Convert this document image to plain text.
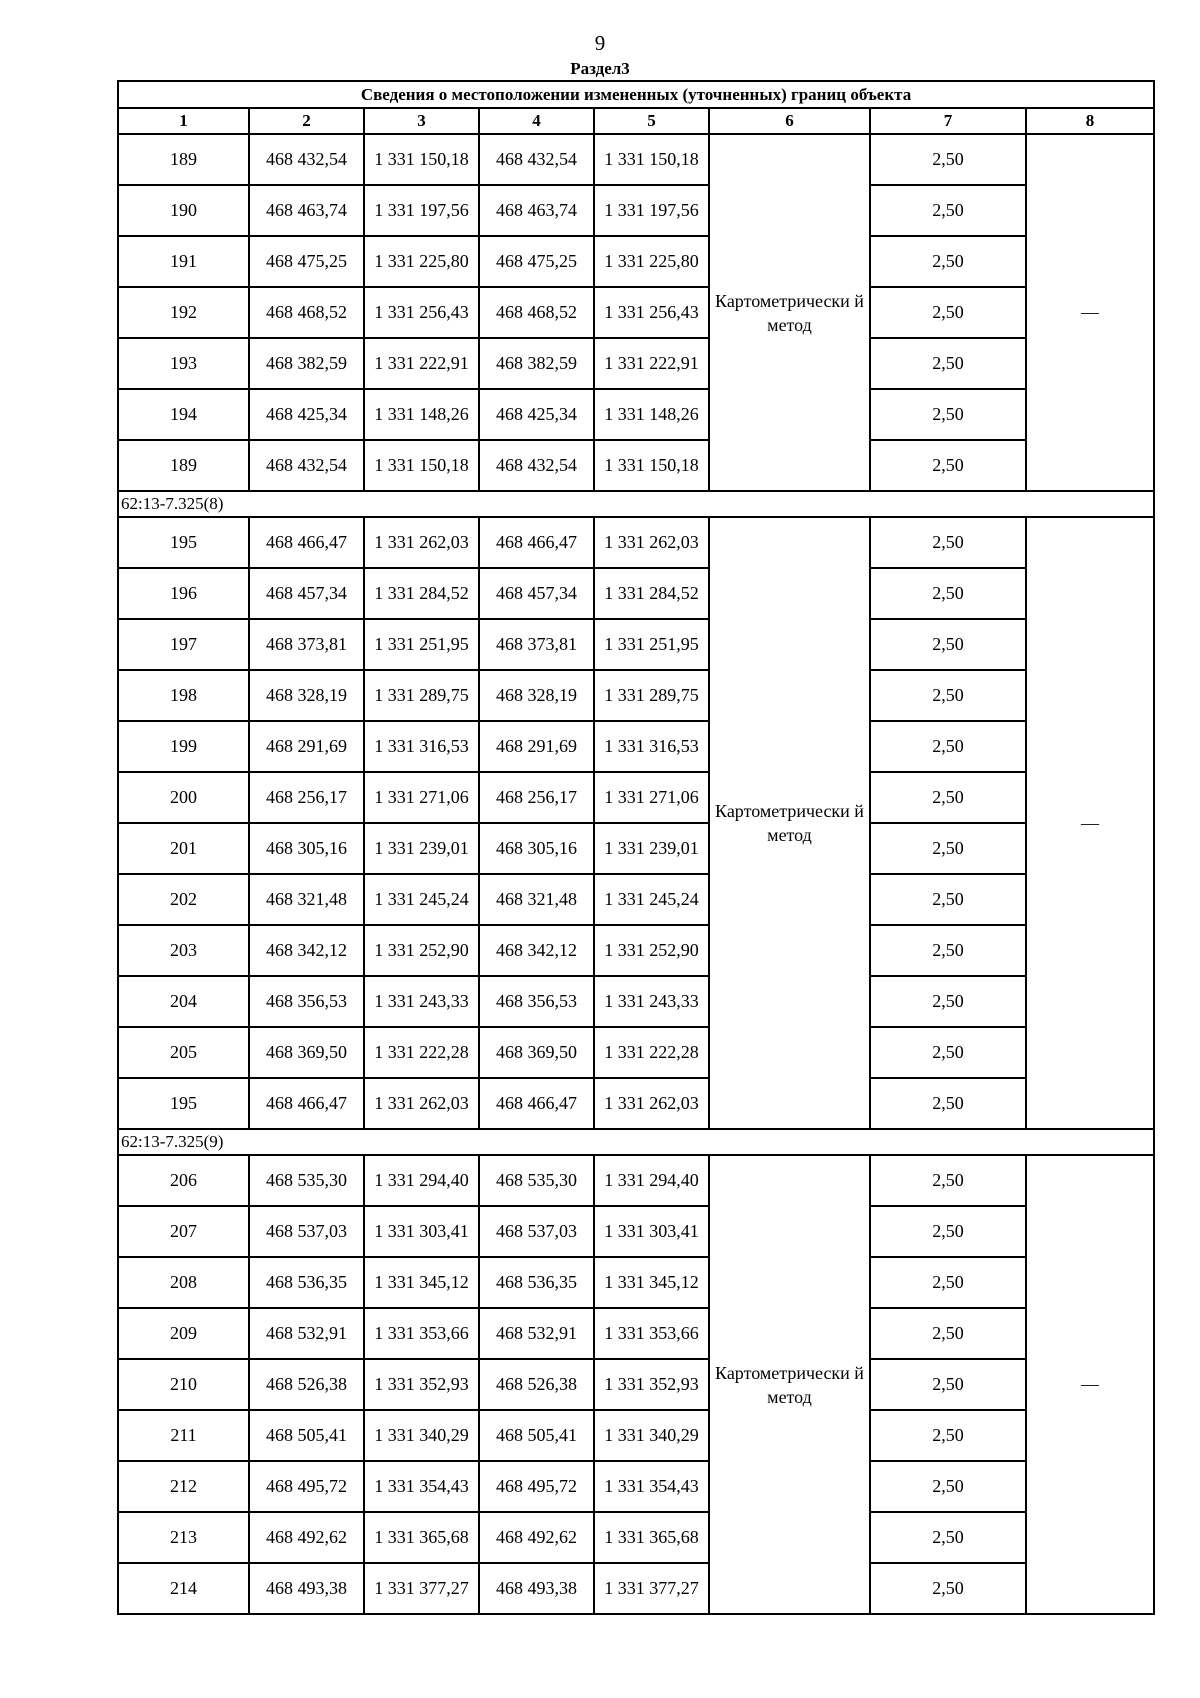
9
Раздел3
Сведения о местоположении измененных (уточненных) границ объекта							
1	2	3	4	5	6	7	8
189	468 432,54	1 331 150,18	468 432,54	1 331 150,18	Картометрически й метод	2,50	—
190	468 463,74	1 331 197,56	468 463,74	1 331 197,56		2,50	
191	468 475,25	1 331 225,80	468 475,25	1 331 225,80		2,50	
192	468 468,52	1 331 256,43	468 468,52	1 331 256,43		2,50	
193	468 382,59	1 331 222,91	468 382,59	1 331 222,91		2,50	
194	468 425,34	1 331 148,26	468 425,34	1 331 148,26		2,50	
189	468 432,54	1 331 150,18	468 432,54	1 331 150,18		2,50	
62:13-7.325(8)							
195	468 466,47	1 331 262,03	468 466,47	1 331 262,03	Картометрически й метод	2,50	—
196	468 457,34	1 331 284,52	468 457,34	1 331 284,52		2,50	
197	468 373,81	1 331 251,95	468 373,81	1 331 251,95		2,50	
198	468 328,19	1 331 289,75	468 328,19	1 331 289,75		2,50	
199	468 291,69	1 331 316,53	468 291,69	1 331 316,53		2,50	
200	468 256,17	1 331 271,06	468 256,17	1 331 271,06		2,50	
201	468 305,16	1 331 239,01	468 305,16	1 331 239,01		2,50	
202	468 321,48	1 331 245,24	468 321,48	1 331 245,24		2,50	
203	468 342,12	1 331 252,90	468 342,12	1 331 252,90		2,50	
204	468 356,53	1 331 243,33	468 356,53	1 331 243,33		2,50	
205	468 369,50	1 331 222,28	468 369,50	1 331 222,28		2,50	
195	468 466,47	1 331 262,03	468 466,47	1 331 262,03		2,50	
62:13-7.325(9)							
206	468 535,30	1 331 294,40	468 535,30	1 331 294,40	Картометрически й метод	2,50	—
207	468 537,03	1 331 303,41	468 537,03	1 331 303,41		2,50	
208	468 536,35	1 331 345,12	468 536,35	1 331 345,12		2,50	
209	468 532,91	1 331 353,66	468 532,91	1 331 353,66		2,50	
210	468 526,38	1 331 352,93	468 526,38	1 331 352,93		2,50	
211	468 505,41	1 331 340,29	468 505,41	1 331 340,29		2,50	
212	468 495,72	1 331 354,43	468 495,72	1 331 354,43		2,50	
213	468 492,62	1 331 365,68	468 492,62	1 331 365,68		2,50	
214	468 493,38	1 331 377,27	468 493,38	1 331 377,27		2,50	
